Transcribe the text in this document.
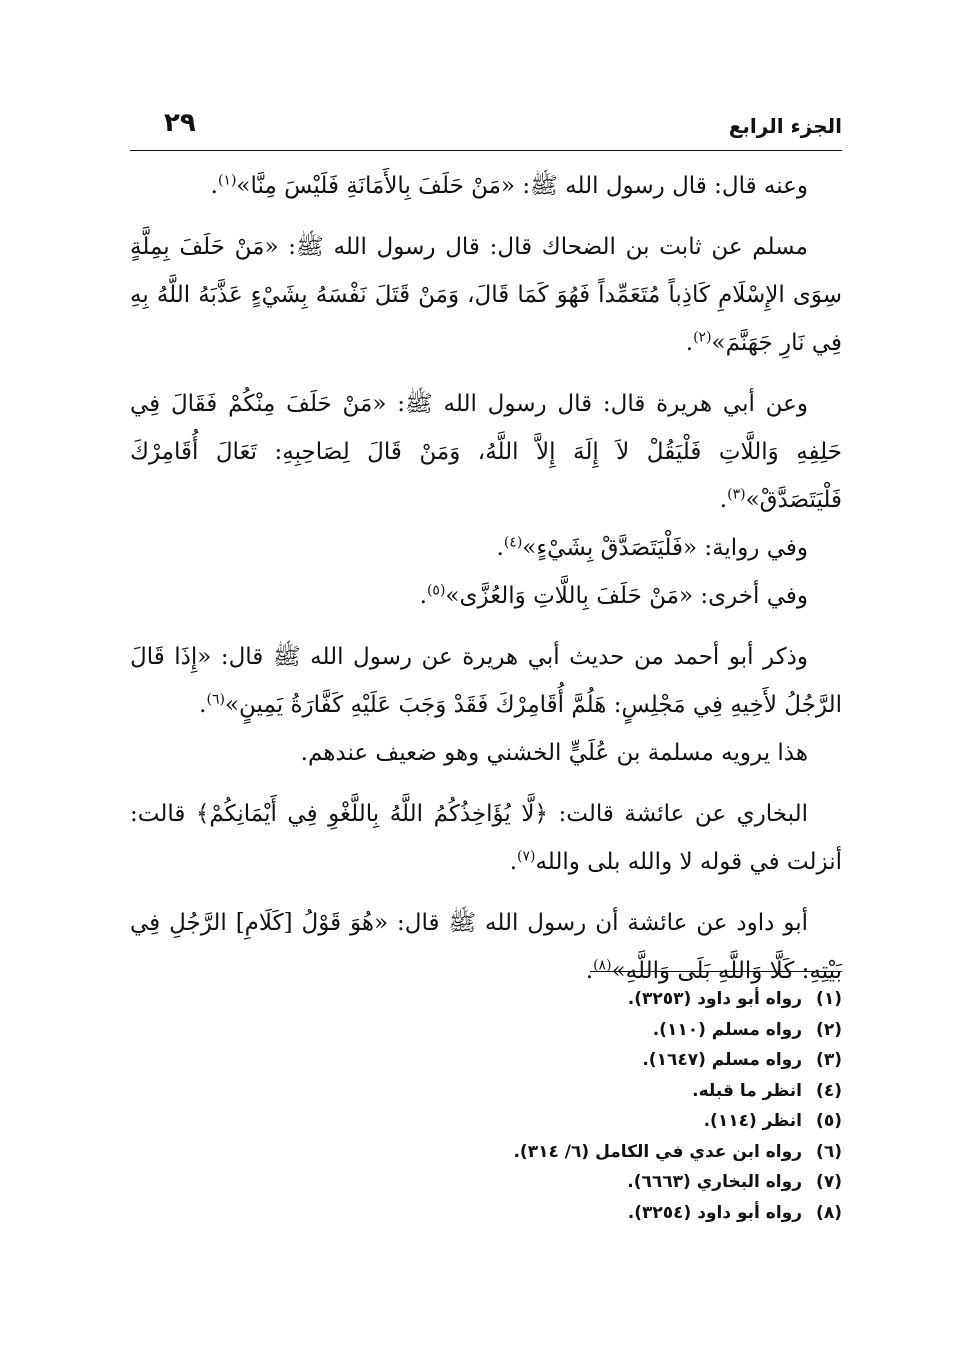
الجزء الرابع
٢٩

وعنه قال: قال رسول الله ﷺ: «مَنْ حَلَفَ بِالأَمَانَةِ فَلَيْسَ مِنَّا»$^{(١)}$.

مسلم عن ثابت بن الضحاك قال: قال رسول الله ﷺ: «مَنْ حَلَفَ بِمِلَّةٍ سِوَى الإِسْلَامِ كَاذِباً مُتَعَمِّداً فَهُوَ كَمَا قَالَ، وَمَنْ قَتَلَ نَفْسَهُ بِشَيْءٍ عَذَّبَهُ اللَّهُ بِهِ فِي نَارِ جَهَنَّمَ»$^{(٢)}$.

وعن أبي هريرة قال: قال رسول الله ﷺ: «مَنْ حَلَفَ مِنْكُمْ فَقَالَ فِي حَلِفِهِ وَاللَّاتِ فَلْيَقُلْ لاَ إِلَهَ إِلاَّ اللَّهُ، وَمَنْ قَالَ لِصَاحِبِهِ: تَعَالَ أُقَامِرْكَ فَلْيَتَصَدَّقْ»$^{(٣)}$.

وفي رواية: «فَلْيَتَصَدَّقْ بِشَيْءٍ»$^{(٤)}$.

وفي أخرى: «مَنْ حَلَفَ بِاللَّاتِ وَالعُزَّى»$^{(٥)}$.

وذكر أبو أحمد من حديث أبي هريرة عن رسول الله ﷺ قال: «إِذَا قَالَ الرَّجُلُ لأَخِيهِ فِي مَجْلِسٍ: هَلُمَّ أُقَامِرْكَ فَقَدْ وَجَبَ عَلَيْهِ كَفَّارَةُ يَمِينٍ»$^{(٦)}$.

هذا يرويه مسلمة بن عُلَيٍّ الخشني وهو ضعيف عندهم.

البخاري عن عائشة قالت: ﴿لَّا يُؤَاخِذُكُمُ اللَّهُ بِاللَّغْوِ فِي أَيْمَانِكُمْ﴾ قالت: أنزلت في قوله لا والله بلى والله$^{(٧)}$.

أبو داود عن عائشة أن رسول الله ﷺ قال: «هُوَ قَوْلُ [كَلَامِ] الرَّجُلِ فِي بَيْتِهِ: كَلَّا وَاللَّهِ بَلَى وَاللَّهِ»$^{(٨)}$.

(١)رواه أبو داود (٣٢٥٣).
(٢)رواه مسلم (١١٠).
(٣)رواه مسلم (١٦٤٧).
(٤)انظر ما قبله.
(٥)انظر (١١٤).
(٦)رواه ابن عدي في الكامل (٦/ ٣١٤).
(٧)رواه البخاري (٦٦٦٣).
(٨)رواه أبو داود (٣٢٥٤).
